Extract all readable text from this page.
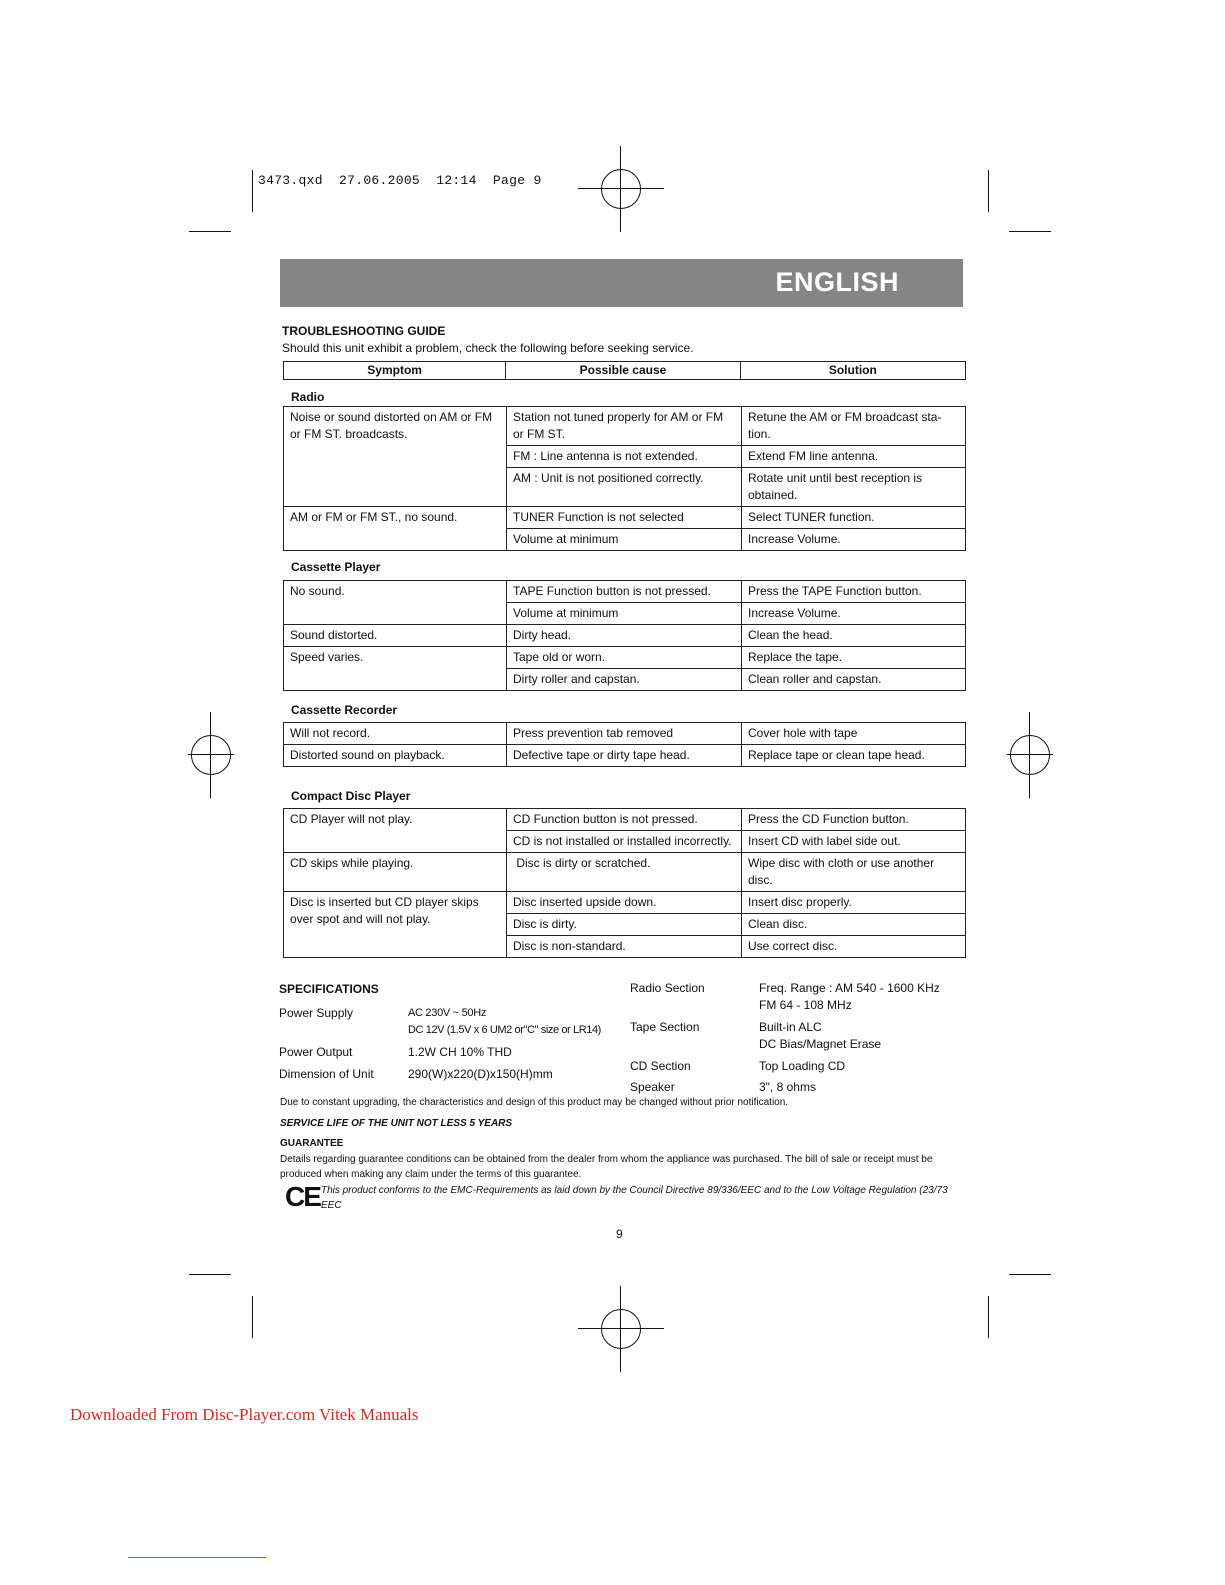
3473.qxd  27.06.2005  12:14  Page 9
ENGLISH
TROUBLESHOOTING GUIDE
Should this unit exhibit a problem, check the following before seeking service.
Symptom	Possible cause	Solution
Radio
Noise or sound distorted on AM or FM or FM ST. broadcasts.	Station not tuned properly for AM or FM or FM ST.	Retune the AM or FM broadcast sta-tion.
	FM : Line antenna is not extended.	Extend FM line antenna.
	AM : Unit is not positioned correctly.	Rotate unit until best reception is obtained.
AM or FM or FM ST., no sound.	TUNER Function is not selected	Select TUNER function.
	Volume at minimum	Increase Volume.
Cassette Player
No sound.	TAPE Function button is not pressed.	Press the TAPE Function button.
	Volume at minimum	Increase Volume.
Sound distorted.	Dirty head.	Clean the head.
Speed varies.	Tape old or worn.	Replace the tape.
	Dirty roller and capstan.	Clean roller and capstan.
Cassette Recorder
Will not record.	Press prevention tab removed	Cover hole with tape
Distorted sound on playback.	Defective tape or dirty tape head.	Replace tape or clean tape head.
Compact Disc Player
CD Player will not play.	CD Function button is not pressed.	Press the CD Function button.
	CD is not installed or installed incorrectly.	Insert CD with label side out.
CD skips while playing.	Disc is dirty or scratched.	Wipe disc with cloth or use another disc.
Disc is inserted but CD player skips over spot and will not play.	Disc inserted upside down.	Insert disc properly.
	Disc is dirty.	Clean disc.
	Disc is non-standard.	Use correct disc.
SPECIFICATIONS
Power Supply	AC 230V ~ 50Hz
DC 12V (1.5V x 6 UM2 or"C" size or LR14)
Power Output	1.2W CH 10% THD
Dimension of Unit	290(W)x220(D)x150(H)mm
Radio Section	Freq. Range : AM 540 - 1600 KHz
FM 64 - 108 MHz
Tape Section	Built-in ALC
DC Bias/Magnet Erase
CD Section	Top Loading CD
Speaker	3", 8 ohms
Due to constant upgrading, the characteristics and design of this product may be changed without prior notification.
SERVICE LIFE OF THE UNIT NOT LESS 5 YEARS
GUARANTEE
Details regarding guarantee conditions can be obtained from the dealer from whom the appliance was purchased. The bill of sale or receipt must be produced when making any claim under the terms of this guarantee.
CE This product conforms to the EMC-Requirements as laid down by the Council Directive 89/336/EEC and to the Low Voltage Regulation (23/73 EEC
9
Downloaded From Disc-Player.com Vitek Manuals
